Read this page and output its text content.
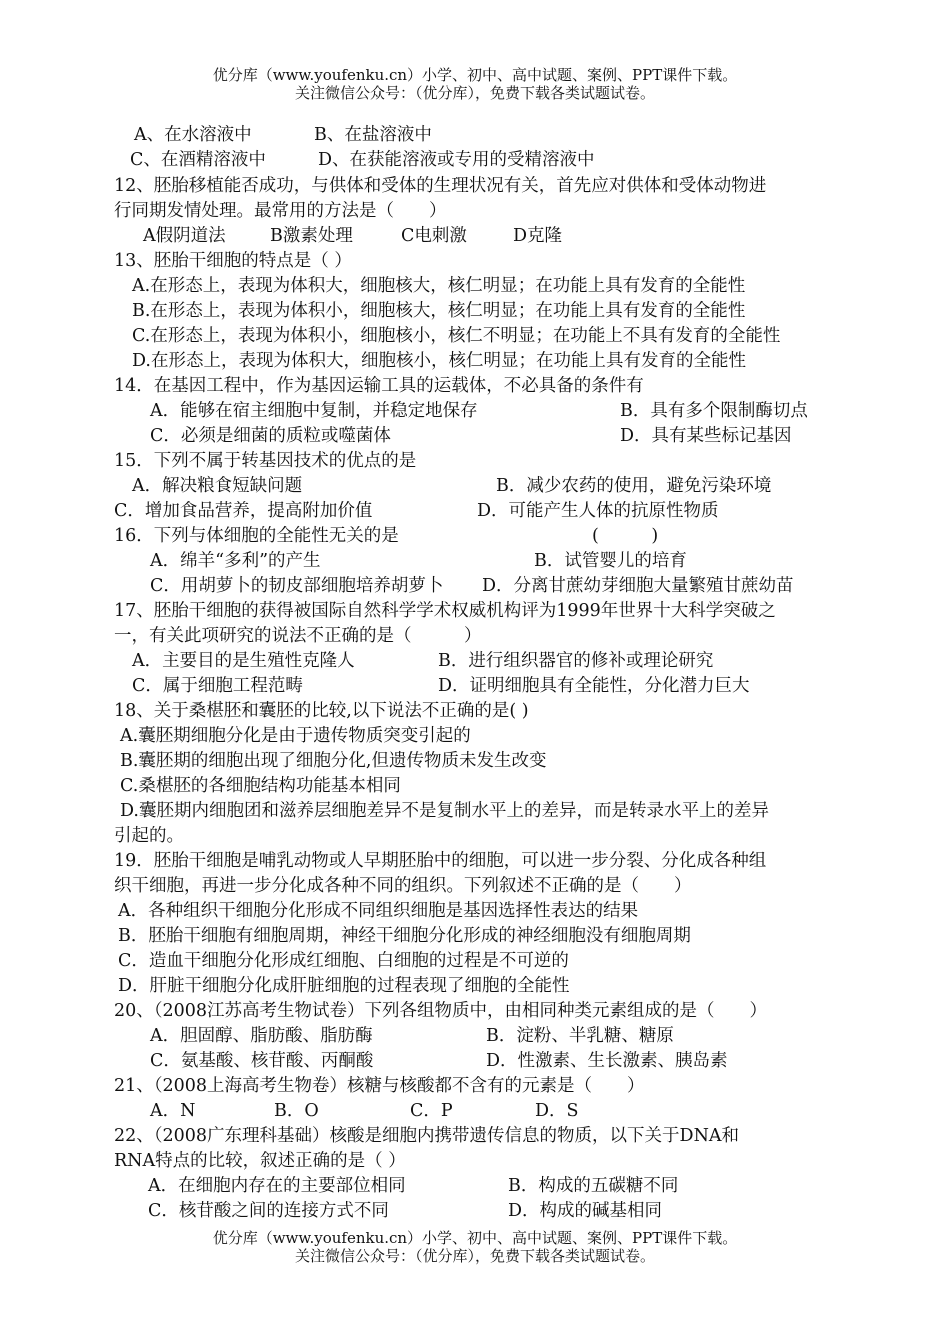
优分库（www.youfenku.cn）小学、初中、高中试题、案例、PPT课件下载。
关注微信公众号：（优分库），免费下载各类试题试卷。
A、在水溶液中	B、在盐溶液中
C、在酒精溶液中	D、在获能溶液或专用的受精溶液中
12、胚胎移植能否成功，与供体和受体的生理状况有关，首先应对供体和受体动物进
行同期发情处理。最常用的方法是（　　）
A假阴道法	B激素处理	C电刺激	D克隆
13、胚胎干细胞的特点是（ ）
A.在形态上，表现为体积大，细胞核大，核仁明显；在功能上具有发育的全能性
B.在形态上，表现为体积小，细胞核大，核仁明显；在功能上具有发育的全能性
C.在形态上，表现为体积小，细胞核小，核仁不明显；在功能上不具有发育的全能性
D.在形态上，表现为体积大，细胞核小，核仁明显；在功能上具有发育的全能性
14．在基因工程中，作为基因运输工具的运载体，不必具备的条件有
A．能够在宿主细胞中复制，并稳定地保存	B．具有多个限制酶切点
C．必须是细菌的质粒或噬菌体	D．具有某些标记基因
15．下列不属于转基因技术的优点的是
A．解决粮食短缺问题	B．减少农药的使用，避免污染环境
C．增加食品营养，提高附加价值	D．可能产生人体的抗原性物质
16．下列与体细胞的全能性无关的是	(　　　)
A．绵羊“多利”的产生	B．试管婴儿的培育
C．用胡萝卜的韧皮部细胞培养胡萝卜 D．分离甘蔗幼芽细胞大量繁殖甘蔗幼苗
17、胚胎干细胞的获得被国际自然科学学术权威机构评为1999年世界十大科学突破之
一，有关此项研究的说法不正确的是（　　　）
A．主要目的是生殖性克隆人	B．进行组织器官的修补或理论研究
C．属于细胞工程范畴	D．证明细胞具有全能性，分化潜力巨大
18、关于桑椹胚和囊胚的比较,以下说法不正确的是( )
A.囊胚期细胞分化是由于遗传物质突变引起的
B.囊胚期的细胞出现了细胞分化,但遗传物质未发生改变
C.桑椹胚的各细胞结构功能基本相同
D.囊胚期内细胞团和滋养层细胞差异不是复制水平上的差异，而是转录水平上的差异
引起的。
19．胚胎干细胞是哺乳动物或人早期胚胎中的细胞，可以进一步分裂、分化成各种组
织干细胞，再进一步分化成各种不同的组织。下列叙述不正确的是（　　）
A．各种组织干细胞分化形成不同组织细胞是基因选择性表达的结果
B．胚胎干细胞有细胞周期，神经干细胞分化形成的神经细胞没有细胞周期
C．造血干细胞分化形成红细胞、白细胞的过程是不可逆的
D．肝脏干细胞分化成肝脏细胞的过程表现了细胞的全能性
20、（2008江苏高考生物试卷）下列各组物质中，由相同种类元素组成的是（　　）
A．胆固醇、脂肪酸、脂肪酶	B．淀粉、半乳糖、糖原
C．氨基酸、核苷酸、丙酮酸	D．性激素、生长激素、胰岛素
21、（2008上海高考生物卷）核糖与核酸都不含有的元素是（　　）
A．N	B．O	C．P	D．S
22、（2008广东理科基础）核酸是细胞内携带遗传信息的物质，以下关于DNA和
RNA特点的比较，叙述正确的是（ ）
A．在细胞内存在的主要部位相同	B．构成的五碳糖不同
C．核苷酸之间的连接方式不同	D．构成的碱基相同
优分库（www.youfenku.cn）小学、初中、高中试题、案例、PPT课件下载。
关注微信公众号：（优分库），免费下载各类试题试卷。
